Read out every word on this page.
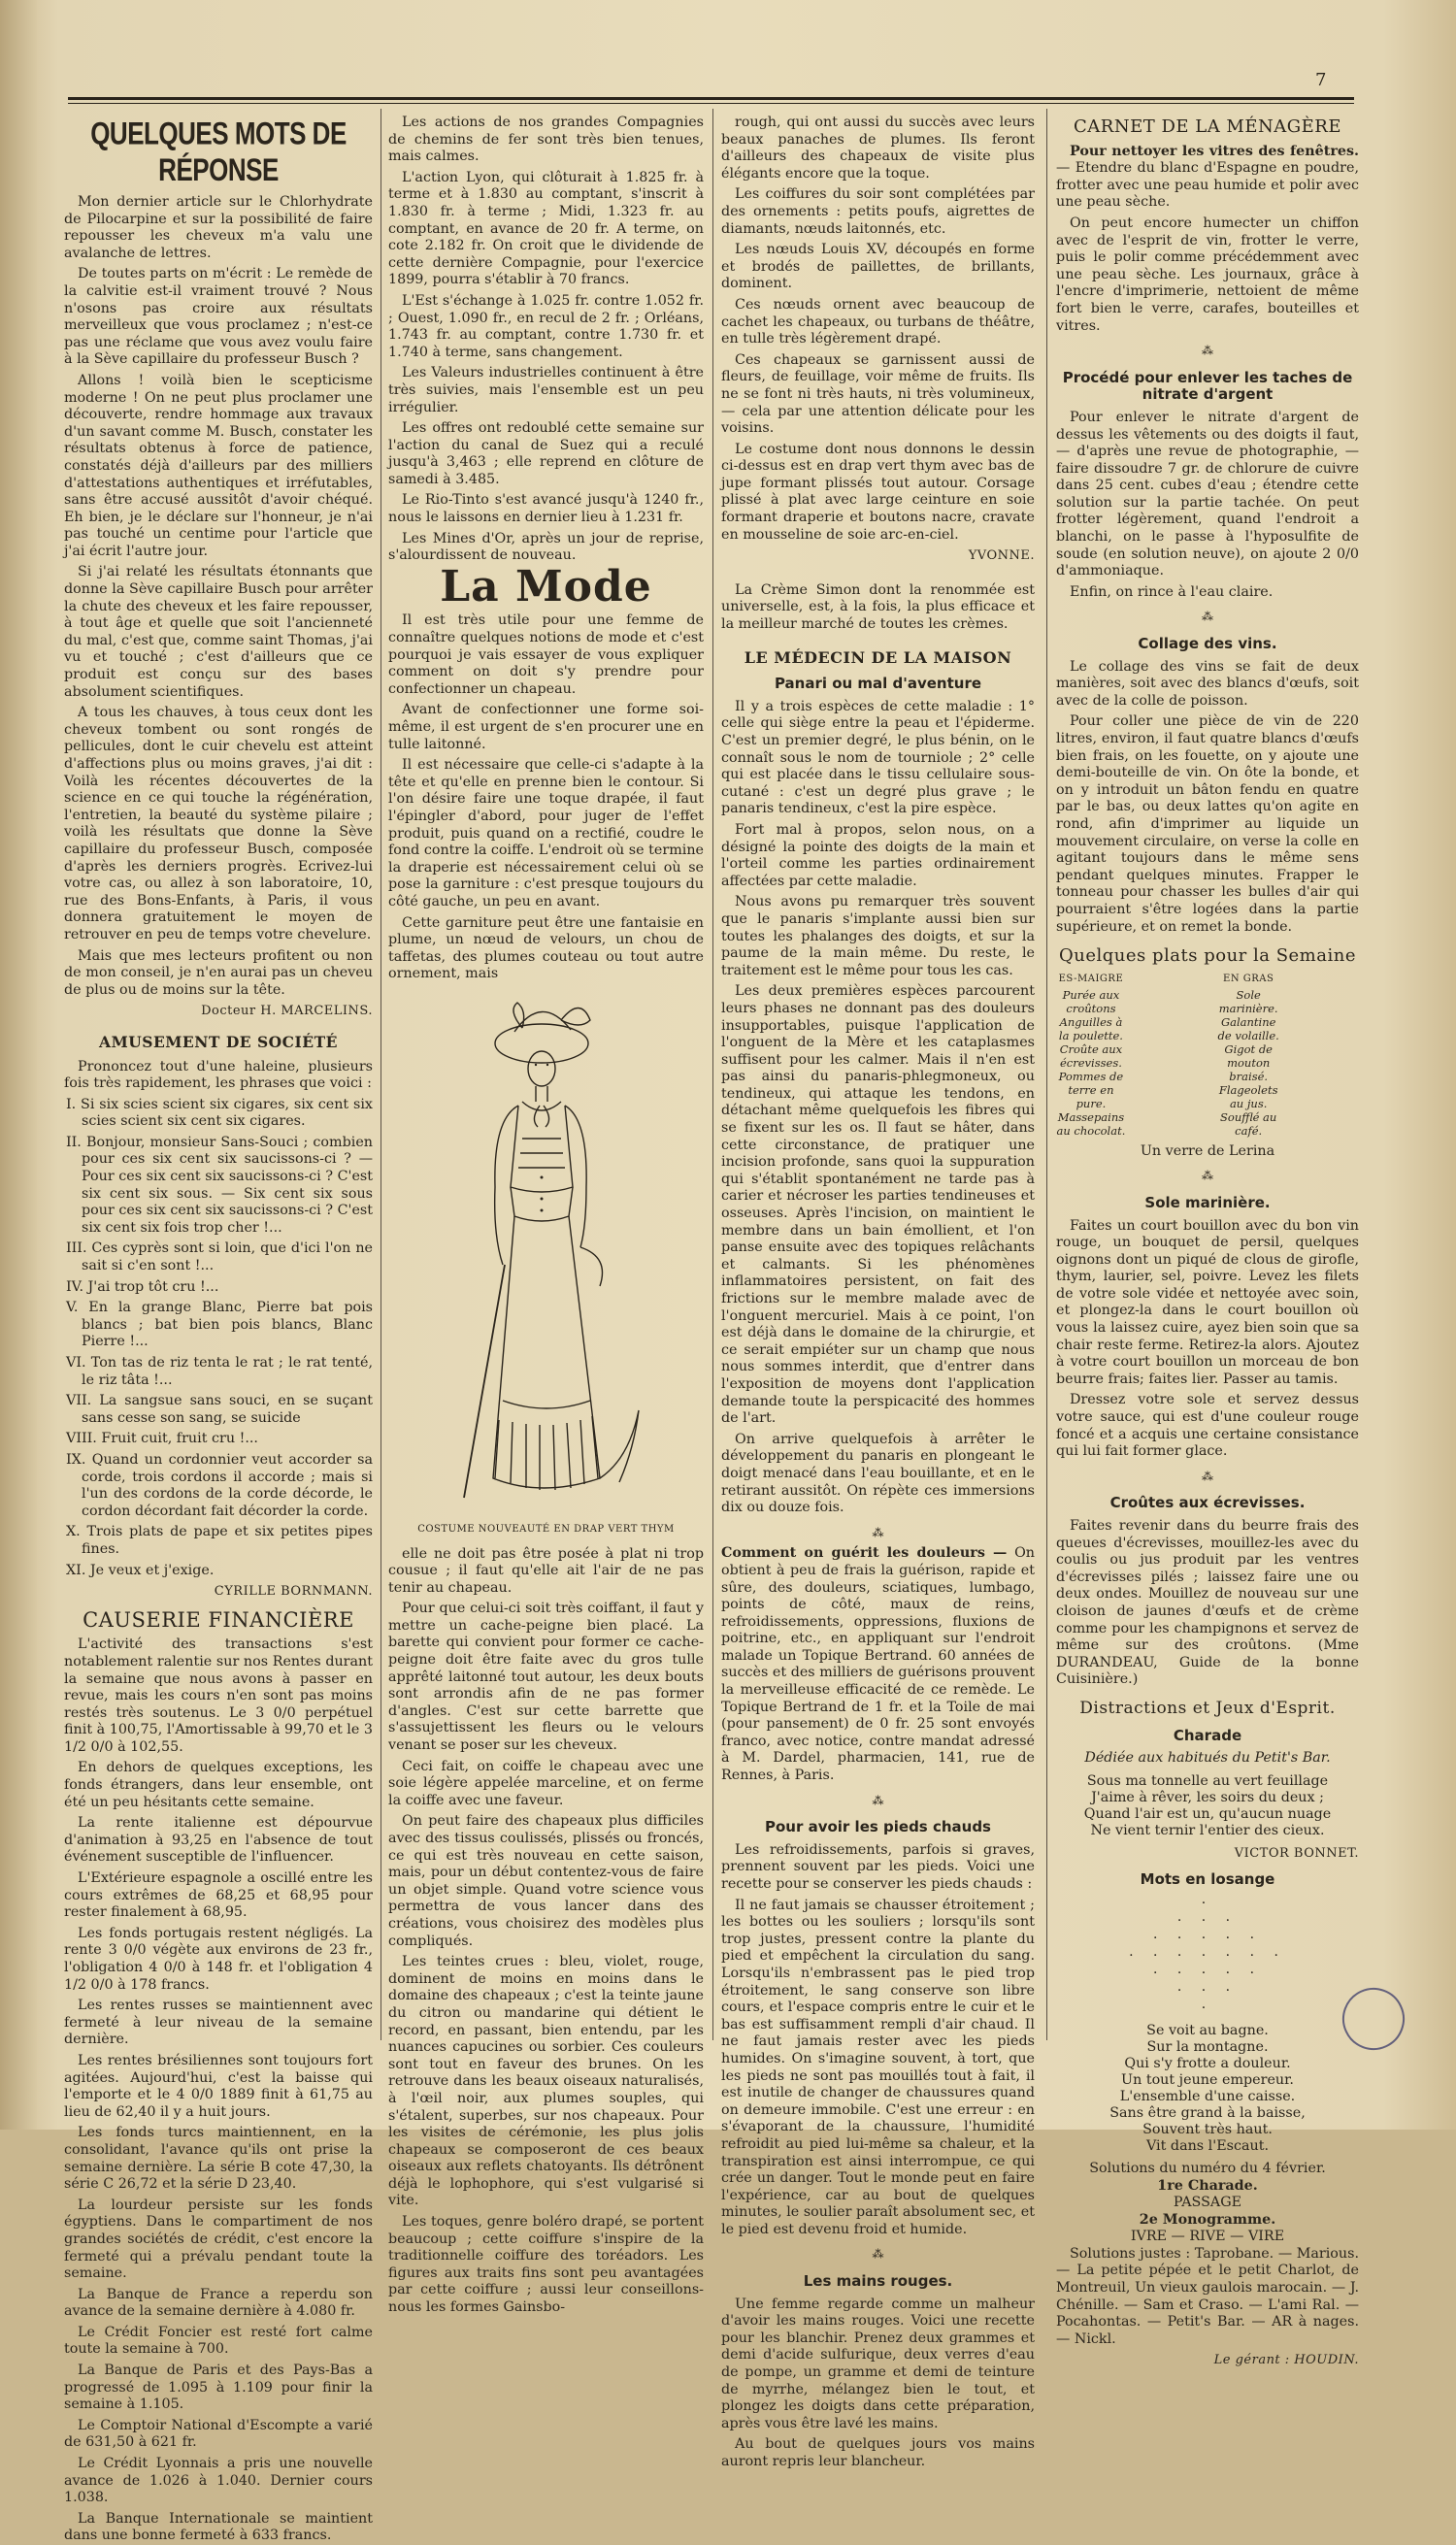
7
QUELQUES MOTS DE RÉPONSE

Mon dernier article sur le Chlorhydrate de Pilocarpine et sur la possibilité de faire repousser les cheveux m'a valu une avalanche de lettres.

De toutes parts on m'écrit : Le remède de la calvitie est-il vraiment trouvé ? Nous n'osons pas croire aux résultats merveilleux que vous proclamez ; n'est-ce pas une réclame que vous avez voulu faire à la Sève capillaire du professeur Busch ?

Allons ! voilà bien le scepticisme moderne ! On ne peut plus proclamer une découverte, rendre hommage aux travaux d'un savant comme M. Busch, constater les résultats obtenus à force de patience, constatés déjà d'ailleurs par des milliers d'attestations authentiques et irréfutables, sans être accusé aussitôt d'avoir chéqué. Eh bien, je le déclare sur l'honneur, je n'ai pas touché un centime pour l'article que j'ai écrit l'autre jour.

Si j'ai relaté les résultats étonnants que donne la Sève capillaire Busch pour arrêter la chute des cheveux et les faire repousser, à tout âge et quelle que soit l'ancienneté du mal, c'est que, comme saint Thomas, j'ai vu et touché ; c'est d'ailleurs que ce produit est conçu sur des bases absolument scientifiques.

A tous les chauves, à tous ceux dont les cheveux tombent ou sont rongés de pellicules, dont le cuir chevelu est atteint d'affections plus ou moins graves, j'ai dit : Voilà les récentes découvertes de la science en ce qui touche la régénération, l'entretien, la beauté du système pilaire ; voilà les résultats que donne la Sève capillaire du professeur Busch, composée d'après les derniers progrès. Ecrivez-lui votre cas, ou allez à son laboratoire, 10, rue des Bons-Enfants, à Paris, il vous donnera gratuitement le moyen de retrouver en peu de temps votre chevelure.

Mais que mes lecteurs profitent ou non de mon conseil, je n'en aurai pas un cheveu de plus ou de moins sur la tête.

Docteur H. MARCELINS.
AMUSEMENT DE SOCIÉTÉ

Prononcez tout d'une haleine, plusieurs fois très rapidement, les phrases que voici :

I. Si six scies scient six cigares, six cent six scies scient six cent six cigares.

II. Bonjour, monsieur Sans-Souci ; combien pour ces six cent six saucissons-ci ? — Pour ces six cent six saucissons-ci ? C'est six cent six sous. — Six cent six sous pour ces six cent six saucissons-ci ? C'est six cent six fois trop cher !...

III. Ces cyprès sont si loin, que d'ici l'on ne sait si c'en sont !...

IV. J'ai trop tôt cru !...

V. En la grange Blanc, Pierre bat pois blancs ; bat bien pois blancs, Blanc Pierre !...

VI. Ton tas de riz tenta le rat ; le rat tenté, le riz tâta !...

VII. La sangsue sans souci, en se suçant sans cesse son sang, se suicide

VIII. Fruit cuit, fruit cru !...

IX. Quand un cordonnier veut accorder sa corde, trois cordons il accorde ; mais si l'un des cordons de la corde décorde, le cordon décordant fait décorder la corde.

X. Trois plats de pape et six petites pipes fines.

XI. Je veux et j'exige.

CYRILLE BORNMANN.
CAUSERIE FINANCIÈRE

L'activité des transactions s'est notablement ralentie sur nos Rentes durant la semaine que nous avons à passer en revue, mais les cours n'en sont pas moins restés très soutenus. Le 3 0/0 perpétuel finit à 100,75, l'Amortissable à 99,70 et le 3 1/2 0/0 à 102,55.

En dehors de quelques exceptions, les fonds étrangers, dans leur ensemble, ont été un peu hésitants cette semaine.

La rente italienne est dépourvue d'animation à 93,25 en l'absence de tout événement susceptible de l'influencer.

L'Extérieure espagnole a oscillé entre les cours extrêmes de 68,25 et 68,95 pour rester finalement à 68,95.

Les fonds portugais restent négligés. La rente 3 0/0 végète aux environs de 23 fr., l'obligation 4 0/0 à 148 fr. et l'obligation 4 1/2 0/0 à 178 francs.

Les rentes russes se maintiennent avec fermeté à leur niveau de la semaine dernière.

Les rentes brésiliennes sont toujours fort agitées. Aujourd'hui, c'est la baisse qui l'emporte et le 4 0/0 1889 finit à 61,75 au lieu de 62,40 il y a huit jours.

Les fonds turcs maintiennent, en la consolidant, l'avance qu'ils ont prise la semaine dernière. La série B cote 47,30, la série C 26,72 et la série D 23,40.

La lourdeur persiste sur les fonds égyptiens. Dans le compartiment de nos grandes sociétés de crédit, c'est encore la fermeté qui a prévalu pendant toute la semaine.

La Banque de France a reperdu son avance de la semaine dernière à 4.080 fr.

Le Crédit Foncier est resté fort calme toute la semaine à 700.

La Banque de Paris et des Pays-Bas a progressé de 1.095 à 1.109 pour finir la semaine à 1.105.

Le Comptoir National d'Escompte a varié de 631,50 à 621 fr.

Le Crédit Lyonnais a pris une nouvelle avance de 1.026 à 1.040. Dernier cours 1.038.

La Banque Internationale se maintient dans une bonne fermeté à 633 francs.

Les actions de nos grandes Compagnies de chemins de fer sont très bien tenues, mais calmes.

L'action Lyon, qui clôturait à 1.825 fr. à terme et à 1.830 au comptant, s'inscrit à 1.830 fr. à terme ; Midi, 1.323 fr. au comptant, en avance de 20 fr. A terme, on cote 2.182 fr. On croit que le dividende de cette dernière Compagnie, pour l'exercice 1899, pourra s'établir à 70 francs.

L'Est s'échange à 1.025 fr. contre 1.052 fr. ; Ouest, 1.090 fr., en recul de 2 fr. ; Orléans, 1.743 fr. au comptant, contre 1.730 fr. et 1.740 à terme, sans changement.

Les Valeurs industrielles continuent à être très suivies, mais l'ensemble est un peu irrégulier.

Les offres ont redoublé cette semaine sur l'action du canal de Suez qui a reculé jusqu'à 3,463 ; elle reprend en clôture de samedi à 3.485.

Le Rio-Tinto s'est avancé jusqu'à 1240 fr., nous le laissons en dernier lieu à 1.231 fr.

Les Mines d'Or, après un jour de reprise, s'alourdissent de nouveau.

La Mode

Il est très utile pour une femme de connaître quelques notions de mode et c'est pourquoi je vais essayer de vous expliquer comment on doit s'y prendre pour confectionner un chapeau.

Avant de confectionner une forme soi-même, il est urgent de s'en procurer une en tulle laitonné.

Il est nécessaire que celle-ci s'adapte à la tête et qu'elle en prenne bien le contour. Si l'on désire faire une toque drapée, il faut l'épingler d'abord, pour juger de l'effet produit, puis quand on a rectifié, coudre le fond contre la coiffe. L'endroit où se termine la draperie est nécessairement celui où se pose la garniture : c'est presque toujours du côté gauche, un peu en avant.

Cette garniture peut être une fantaisie en plume, un nœud de velours, un chou de taffetas, des plumes couteau ou tout autre ornement, mais

COSTUME NOUVEAUTÉ EN DRAP VERT THYM

elle ne doit pas être posée à plat ni trop cousue ; il faut qu'elle ait l'air de ne pas tenir au chapeau.

Pour que celui-ci soit très coiffant, il faut y mettre un cache-peigne bien placé. La barette qui convient pour former ce cache-peigne doit être faite avec du gros tulle apprêté laitonné tout autour, les deux bouts sont arrondis afin de ne pas former d'angles. C'est sur cette barrette que s'assujettissent les fleurs ou le velours venant se poser sur les cheveux.

Ceci fait, on coiffe le chapeau avec une soie légère appelée marceline, et on ferme la coiffe avec une faveur.

On peut faire des chapeaux plus difficiles avec des tissus coulissés, plissés ou froncés, ce qui est très nouveau en cette saison, mais, pour un début contentez-vous de faire un objet simple. Quand votre science vous permettra de vous lancer dans des créations, vous choisirez des modèles plus compliqués.

Les teintes crues : bleu, violet, rouge, dominent de moins en moins dans le domaine des chapeaux ; c'est la teinte jaune du citron ou mandarine qui détient le record, en passant, bien entendu, par les nuances capucines ou sorbier. Ces couleurs sont tout en faveur des brunes. On les retrouve dans les beaux oiseaux naturalisés, à l'œil noir, aux plumes souples, qui s'étalent, superbes, sur nos chapeaux. Pour les visites de cérémonie, les plus jolis chapeaux se composeront de ces beaux oiseaux aux reflets chatoyants. Ils détrônent déjà le lophophore, qui s'est vulgarisé si vite.

Les toques, genre boléro drapé, se portent beaucoup ; cette coiffure s'inspire de la traditionnelle coiffure des toréadors. Les figures aux traits fins sont peu avantagées par cette coiffure ; aussi leur conseillons-nous les formes Gainsbo-

rough, qui ont aussi du succès avec leurs beaux panaches de plumes. Ils feront d'ailleurs des chapeaux de visite plus élégants encore que la toque.

Les coiffures du soir sont complétées par des ornements : petits poufs, aigrettes de diamants, nœuds laitonnés, etc.

Les nœuds Louis XV, découpés en forme et brodés de paillettes, de brillants, dominent.

Ces nœuds ornent avec beaucoup de cachet les chapeaux, ou turbans de théâtre, en tulle très légèrement drapé.

Ces chapeaux se garnissent aussi de fleurs, de feuillage, voir même de fruits. Ils ne se font ni très hauts, ni très volumineux, — cela par une attention délicate pour les voisins.

Le costume dont nous donnons le dessin ci-dessus est en drap vert thym avec bas de jupe formant plissés tout autour. Corsage plissé à plat avec large ceinture en soie formant draperie et boutons nacre, cravate en mousseline de soie arc-en-ciel.

YVONNE.

La Crème Simon dont la renommée est universelle, est, à la fois, la plus efficace et la meilleur marché de toutes les crèmes.

LE MÉDECIN DE LA MAISON
Panari ou mal d'aventure

Il y a trois espèces de cette maladie : 1° celle qui siège entre la peau et l'épiderme. C'est un premier degré, le plus bénin, on le connaît sous le nom de tourniole ; 2° celle qui est placée dans le tissu cellulaire sous-cutané : c'est un degré plus grave ; le panaris tendineux, c'est la pire espèce.

Fort mal à propos, selon nous, on a désigné la pointe des doigts de la main et l'orteil comme les parties ordinairement affectées par cette maladie.

Nous avons pu remarquer très souvent que le panaris s'implante aussi bien sur toutes les phalanges des doigts, et sur la paume de la main même. Du reste, le traitement est le même pour tous les cas.

Les deux premières espèces parcourent leurs phases ne donnant pas des douleurs insupportables, puisque l'application de l'onguent de la Mère et les cataplasmes suffisent pour les calmer. Mais il n'en est pas ainsi du panaris-phlegmoneux, ou tendineux, qui attaque les tendons, en détachant même quelquefois les fibres qui se fixent sur les os. Il faut se hâter, dans cette circonstance, de pratiquer une incision profonde, sans quoi la suppuration qui s'établit spontanément ne tarde pas à carier et nécroser les parties tendineuses et osseuses. Après l'incision, on maintient le membre dans un bain émollient, et l'on panse ensuite avec des topiques relâchants et calmants. Si les phénomènes inflammatoires persistent, on fait des frictions sur le membre malade avec de l'onguent mercuriel. Mais à ce point, l'on est déjà dans le domaine de la chirurgie, et ce serait empiéter sur un champ que nous nous sommes interdit, que d'entrer dans l'exposition de moyens dont l'application demande toute la perspicacité des hommes de l'art.

On arrive quelquefois à arrêter le développement du panaris en plongeant le doigt menacé dans l'eau bouillante, et en le retirant aussitôt. On répète ces immersions dix ou douze fois.

⁂

Comment on guérit les douleurs — On obtient à peu de frais la guérison, rapide et sûre, des douleurs, sciatiques, lumbago, points de côté, maux de reins, refroidissements, oppressions, fluxions de poitrine, etc., en appliquant sur l'endroit malade un Topique Bertrand. 60 années de succès et des milliers de guérisons prouvent la merveilleuse efficacité de ce remède. Le Topique Bertrand de 1 fr. et la Toile de mai (pour pansement) de 0 fr. 25 sont envoyés franco, avec notice, contre mandat adressé à M. Dardel, pharmacien, 141, rue de Rennes, à Paris.

⁂
Pour avoir les pieds chauds

Les refroidissements, parfois si graves, prennent souvent par les pieds. Voici une recette pour se conserver les pieds chauds :

Il ne faut jamais se chausser étroitement ; les bottes ou les souliers ; lorsqu'ils sont trop justes, pressent contre la plante du pied et empêchent la circulation du sang. Lorsqu'ils n'embrassent pas le pied trop étroitement, le sang conserve son libre cours, et l'espace compris entre le cuir et le bas est suffisamment rempli d'air chaud. Il ne faut jamais rester avec les pieds humides. On s'imagine souvent, à tort, que les pieds ne sont pas mouillés tout à fait, il est inutile de changer de chaussures quand on demeure immobile. C'est une erreur : en s'évaporant de la chaussure, l'humidité refroidit au pied lui-même sa chaleur, et la transpiration est ainsi interrompue, ce qui crée un danger. Tout le monde peut en faire l'expérience, car au bout de quelques minutes, le soulier paraît absolument sec, et le pied est devenu froid et humide.

⁂
Les mains rouges.

Une femme regarde comme un malheur d'avoir les mains rouges. Voici une recette pour les blanchir. Prenez deux grammes et demi d'acide sulfurique, deux verres d'eau de pompe, un gramme et demi de teinture de myrrhe, mélangez bien le tout, et plongez les doigts dans cette préparation, après vous être lavé les mains.

Au bout de quelques jours vos mains auront repris leur blancheur.

CARNET DE LA MÉNAGÈRE

Pour nettoyer les vitres des fenêtres. — Etendre du blanc d'Espagne en poudre, frotter avec une peau humide et polir avec une peau sèche.

On peut encore humecter un chiffon avec de l'esprit de vin, frotter le verre, puis le polir comme précédemment avec une peau sèche. Les journaux, grâce à l'encre d'imprimerie, nettoient de même fort bien le verre, carafes, bouteilles et vitres.

⁂
Procédé pour enlever les taches de nitrate d'argent

Pour enlever le nitrate d'argent de dessus les vêtements ou des doigts il faut, — d'après une revue de photographie, — faire dissoudre 7 gr. de chlorure de cuivre dans 25 cent. cubes d'eau ; étendre cette solution sur la partie tachée. On peut frotter légèrement, quand l'endroit a blanchi, on le passe à l'hyposulfite de soude (en solution neuve), on ajoute 2 0/0 d'ammoniaque.

Enfin, on rince à l'eau claire.

⁂
Collage des vins.

Le collage des vins se fait de deux manières, soit avec des blancs d'œufs, soit avec de la colle de poisson.

Pour coller une pièce de vin de 220 litres, environ, il faut quatre blancs d'œufs bien frais, on les fouette, on y ajoute une demi-bouteille de vin. On ôte la bonde, et on y introduit un bâton fendu en quatre par le bas, ou deux lattes qu'on agite en rond, afin d'imprimer au liquide un mouvement circulaire, on verse la colle en agitant toujours dans le même sens pendant quelques minutes. Frapper le tonneau pour chasser les bulles d'air qui pourraient s'être logées dans la partie supérieure, et on remet la bonde.

Quelques plats pour la Semaine
ES-MAIGRE
Purée aux croûtons
Anguilles à la poulette.
Croûte aux écrevisses.
Pommes de terre en pure.
Massepains au chocolat.
EN GRAS
Sole marinière.
Galantine de volaille.
Gigot de mouton braisé.
Flageolets au jus.
Soufflé au café.
Un verre de Lerina
⁂
Sole marinière.

Faites un court bouillon avec du bon vin rouge, un bouquet de persil, quelques oignons dont un piqué de clous de girofle, thym, laurier, sel, poivre. Levez les filets de votre sole vidée et nettoyée avec soin, et plongez-la dans le court bouillon où vous la laissez cuire, ayez bien soin que sa chair reste ferme. Retirez-la alors. Ajoutez à votre court bouillon un morceau de bon beurre frais; faites lier. Passer au tamis.

Dressez votre sole et servez dessus votre sauce, qui est d'une couleur rouge foncé et a acquis une certaine consistance qui lui fait former glace.

⁂
Croûtes aux écrevisses.

Faites revenir dans du beurre frais des queues d'écrevisses, mouillez-les avec du coulis ou jus produit par les ventres d'écrevisses pilés ; laissez faire une ou deux ondes. Mouillez de nouveau sur une cloison de jaunes d'œufs et de crème comme pour les champignons et servez de même sur des croûtons. (Mme DURANDEAU, Guide de la bonne Cuisinière.)

Distractions et Jeux d'Esprit.
Charade
Dédiée aux habitués du Petit's Bar.
Sous ma tonnelle au vert feuillage
J'aime à rêver, les soirs du deux ;
Quand l'air est un, qu'aucun nuage
Ne vient ternir l'entier des cieux.
VICTOR BONNET.
Mots en losange
·
· · ·
· · · · ·
· · · · · · ·
· · · · ·
· · ·
·
Se voit au bagne.
Sur la montagne.
Qui s'y frotte a douleur.
Un tout jeune empereur.
L'ensemble d'une caisse.
Sans être grand à la baisse,
Souvent très haut.
Vit dans l'Escaut.
Solutions du numéro du 4 février.
1re Charade.
PASSAGE
2e Monogramme.
IVRE — RIVE — VIRE

Solutions justes : Taprobane. — Marious. — La petite pépée et le petit Charlot, de Montreuil, Un vieux gaulois marocain. — J. Chénille. — Sam et Craso. — L'ami Ral. — Pocahontas. — Petit's Bar. — AR à nages. — Nickl.

Le gérant : HOUDIN.
